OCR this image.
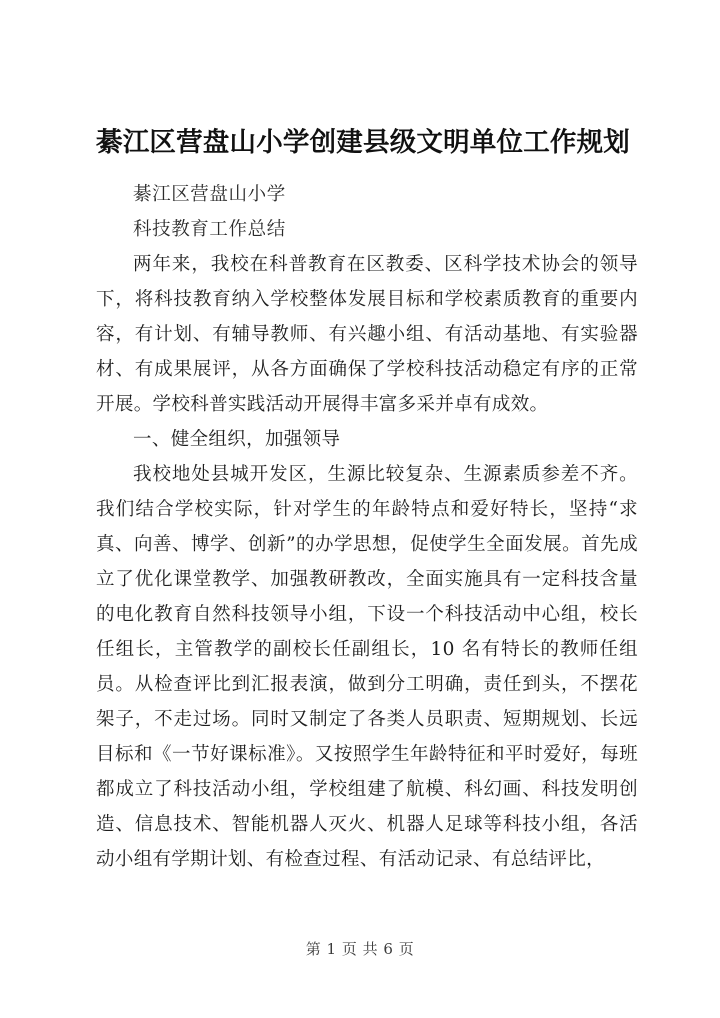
綦江区营盘山小学创建县级文明单位工作规划

綦江区营盘山小学

科技教育工作总结

两年来，我校在科普教育在区教委、区科学技术协会的领导下，将科技教育纳入学校整体发展目标和学校素质教育的重要内容，有计划、有辅导教师、有兴趣小组、有活动基地、有实验器材、有成果展评，从各方面确保了学校科技活动稳定有序的正常开展。学校科普实践活动开展得丰富多采并卓有成效。

一、健全组织，加强领导

我校地处县城开发区，生源比较复杂、生源素质参差不齐。我们结合学校实际，针对学生的年龄特点和爱好特长，坚持“求真、向善、博学、创新”的办学思想，促使学生全面发展。首先成立了优化课堂教学、加强教研教改，全面实施具有一定科技含量的电化教育自然科技领导小组，下设一个科技活动中心组，校长任组长，主管教学的副校长任副组长，10 名有特长的教师任组员。从检查评比到汇报表演，做到分工明确，责任到头，不摆花架子，不走过场。同时又制定了各类人员职责、短期规划、长远目标和《一节好课标准》。又按照学生年龄特征和平时爱好，每班都成立了科技活动小组，学校组建了航模、科幻画、科技发明创造、信息技术、智能机器人灭火、机器人足球等科技小组，各活动小组有学期计划、有检查过程、有活动记录、有总结评比，

第 1 页 共 6 页
